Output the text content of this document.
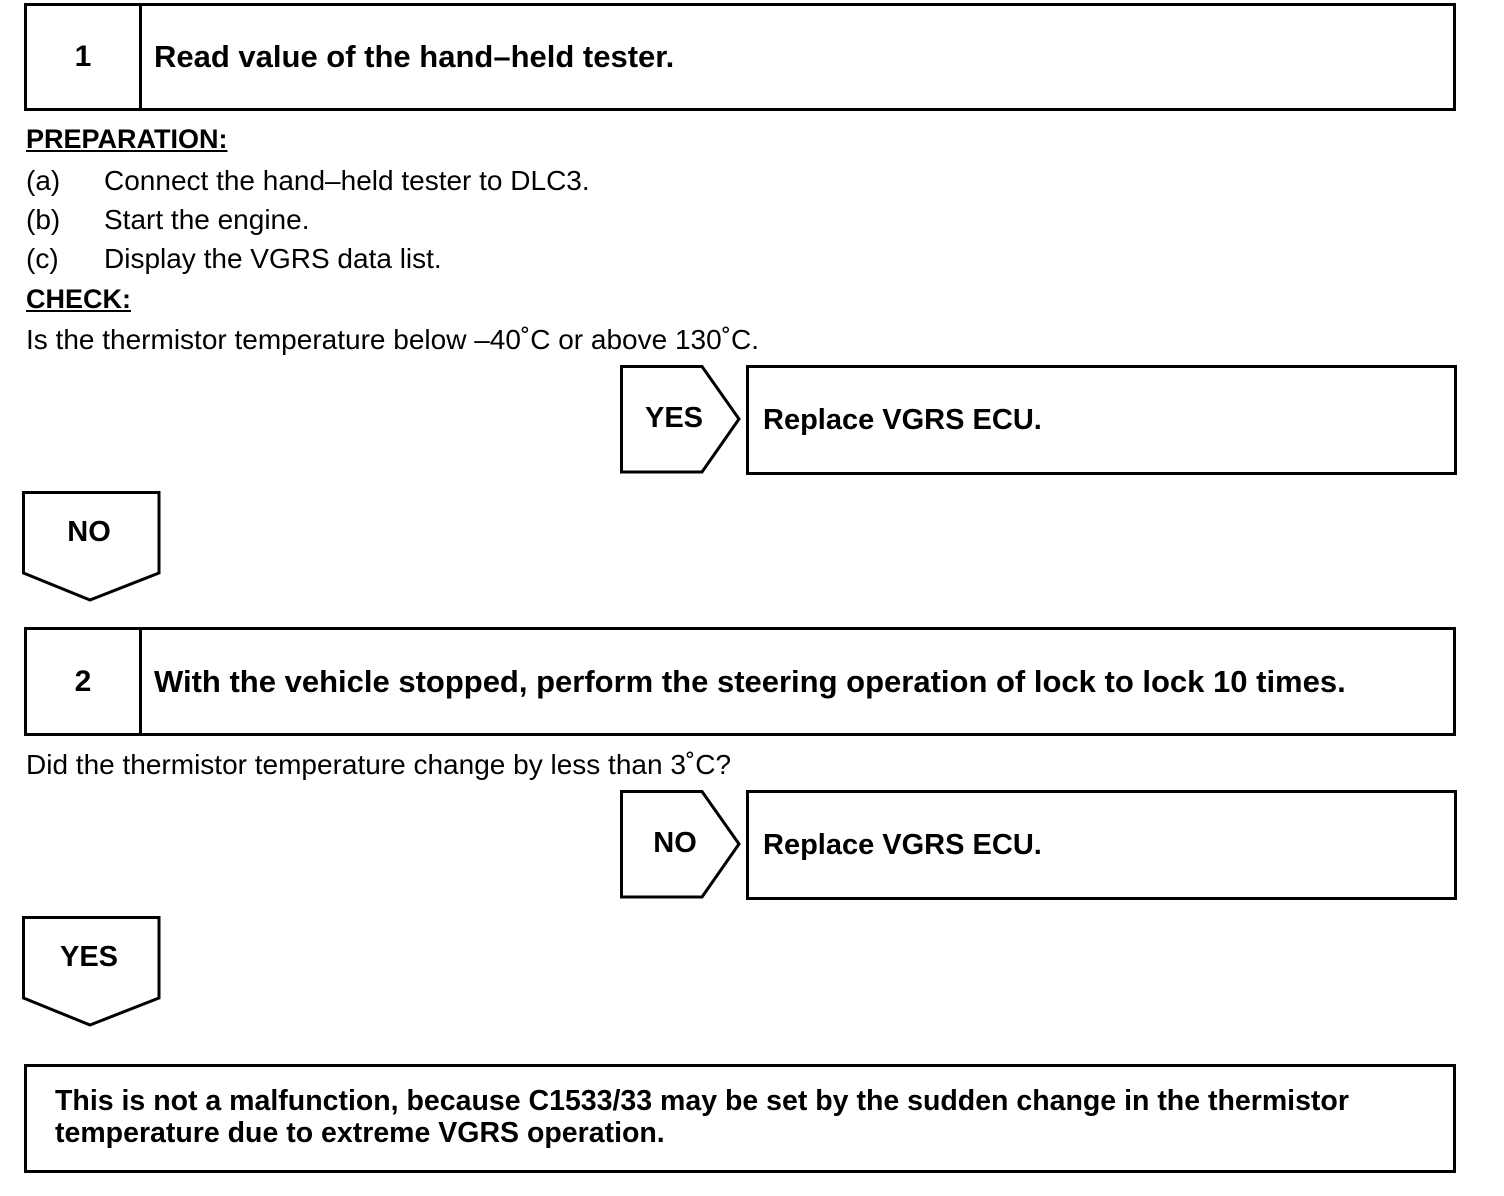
1	Read value of the hand–held tester.
PREPARATION:
(a) Connect the hand–held tester to DLC3.
(b) Start the engine.
(c) Display the VGRS data list.
CHECK:
Is the thermistor temperature below –40˚C or above 130˚C.
YES	Replace VGRS ECU.
NO
2	With the vehicle stopped, perform the steering operation of lock to lock 10 times.
Did the thermistor temperature change by less than 3˚C?
NO	Replace VGRS ECU.
YES
This is not a malfunction, because C1533/33 may be set by the sudden change in the thermistor temperature due to extreme VGRS operation.
